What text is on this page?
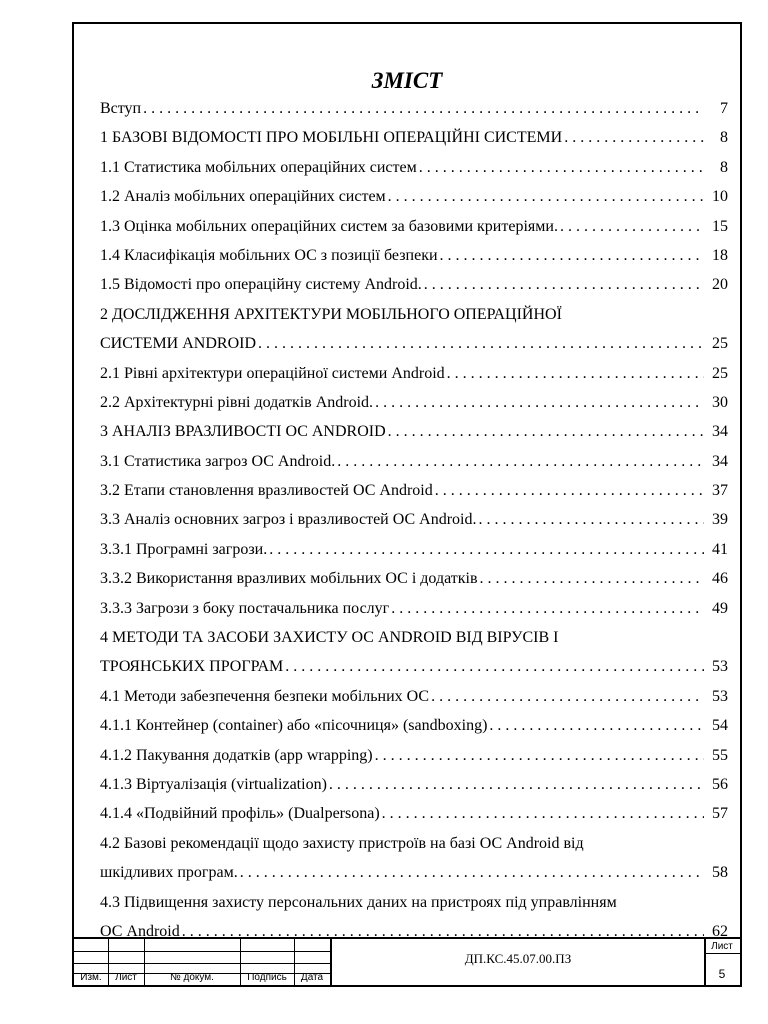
ЗМІСТ
Вступ . . .	7
1 БАЗОВІ ВІДОМОСТІ ПРО МОБІЛЬНІ ОПЕРАЦІЙНІ СИСТЕМИ . . .	8
1.1 Статистика мобільних операційних систем . . .	8
1.2 Аналіз мобільних операційних систем . . .	10
1.3 Оцінка мобільних операційних систем за базовими критеріями. . . .	15
1.4 Класифікація мобільних ОС з позиції безпеки . . .	18
1.5 Відомості про операційну систему Android. . . .	20
2 ДОСЛІДЖЕННЯ АРХІТЕКТУРИ МОБІЛЬНОГО ОПЕРАЦІЙНОЇ
СИСТЕМИ ANDROID . . .	25
2.1 Рівні архітектури операційної системи Android . . .	25
2.2 Архітектурні рівні додатків Android. . . .	30
3 АНАЛІЗ ВРАЗЛИВОСТІ ОС ANDROID . . .	34
3.1 Статистика загроз ОС Android. . . .	34
3.2 Етапи становлення вразливостей ОС Android . . .	37
3.3 Аналіз основних загроз і вразливостей ОС Android. . . .	39
3.3.1 Програмні загрози. . . .	41
3.3.2 Використання вразливих мобільних ОС і додатків . . .	46
3.3.3 Загрози з боку постачальника послуг . . .	49
4 МЕТОДИ ТА ЗАСОБИ ЗАХИСТУ ОС ANDROID ВІД ВІРУСІВ І
ТРОЯНСЬКИХ ПРОГРАМ . . .	53
4.1 Методи забезпечення безпеки мобільних ОС . . .	53
4.1.1 Контейнер (container) або «пісочниця» (sandboxing) . . .	54
4.1.2 Пакування додатків (app wrapping) . . .	55
4.1.3 Віртуалізація (virtualization) . . .	56
4.1.4 «Подвійний профіль» (Dualpersona) . . .	57
4.2 Базові рекомендації щодо захисту пристроїв на базі ОС Android від
шкідливих програм. . . .	58
4.3 Підвищення захисту персональних даних на пристроях під управлінням
ОС Android . . .	62
Изм.	Лист	№ докум.	Подпись	Дата
ДП.КС.45.07.00.ПЗ
Лист
5
